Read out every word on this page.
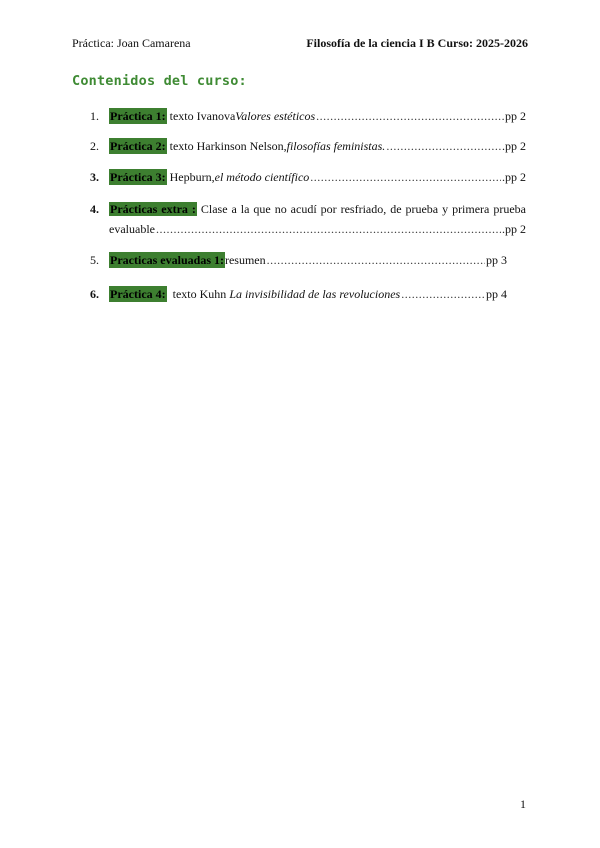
Práctica: Joan Camarena	Filosofía de la ciencia I B Curso: 2025-2026
Contenidos del curso:
1. Práctica 1:
texto Ivanova Valores estéticos .....	pp 2
2. Práctica 2:
texto Harkinson Nelson, filosofías feministas. .....	.pp 2
3. Práctica 3:
Hepburn, el método científico .....	.pp 2
4. Prácticas extra : Clase a la que no acudí por resfriado, de prueba y primera prueba
evaluable .....	.pp 2
5. Practicas evaluadas 1: resumen .....	pp 3
6. Práctica 4: texto Kuhn La invisibilidad de las revoluciones .....	pp 4
1
